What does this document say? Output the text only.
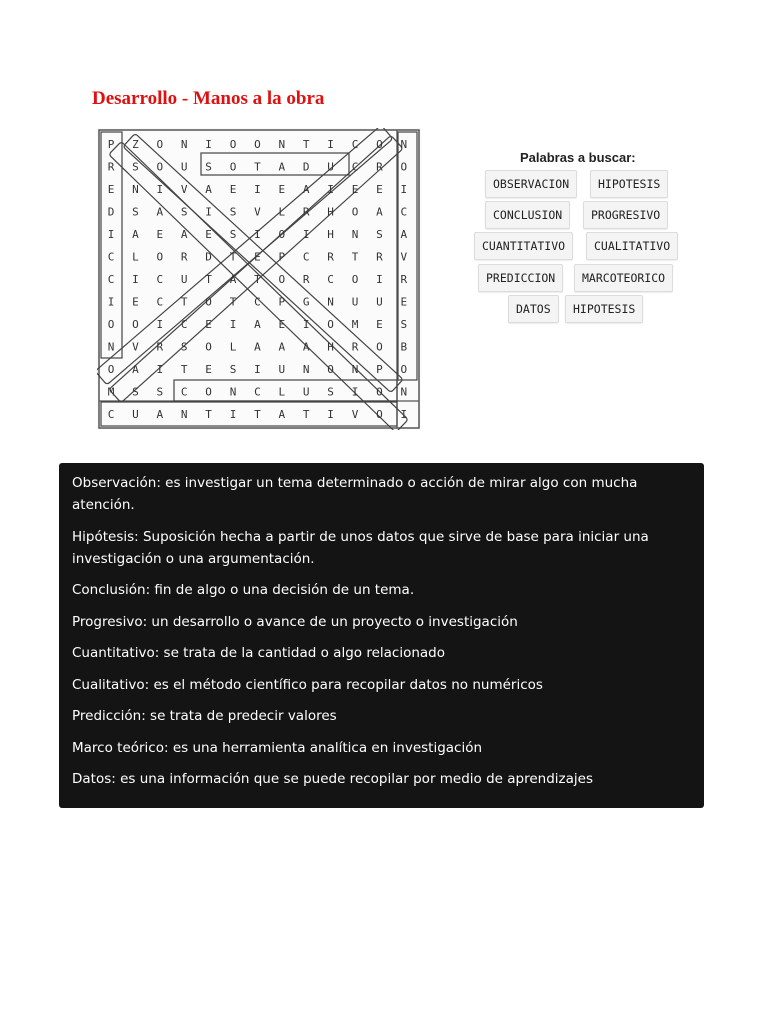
Desarrollo - Manos a la obra
P Z O N I O O N T I C O N
R S O U S O T A D U C R O
E N I V A E I E A I E E I
D S A S I S V L R H O A C
I A E A E S I O I H N S A
C L O R D T E P C R T R V
C I C U T A T O R C O I R
I E C T O T C P G N U U E
O O I C E I A E I O M E S
N V R S O L A A A H R O B
O A I T E S I U N O N P O
M S S C O N C L U S I O N
C U A N T I T A T I V O I
Palabras a buscar:
OBSERVACION	HIPOTESIS
CONCLUSION	PROGRESIVO
CUANTITATIVO	CUALITATIVO
PREDICCION	MARCOTEORICO
DATOS	HIPOTESIS

Observación: es investigar un tema determinado o acción de mirar algo con mucha atención.

Hipótesis: Suposición hecha a partir de unos datos que sirve de base para iniciar una investigación o una argumentación.

Conclusión: fin de algo o una decisión de un tema.

Progresivo: un desarrollo o avance de un proyecto o investigación

Cuantitativo: se trata de la cantidad o algo relacionado

Cualitativo: es el método científico para recopilar datos no numéricos

Predicción: se trata de predecir valores

Marco teórico: es una herramienta analítica en investigación

Datos: es una información que se puede recopilar por medio de aprendizajes
